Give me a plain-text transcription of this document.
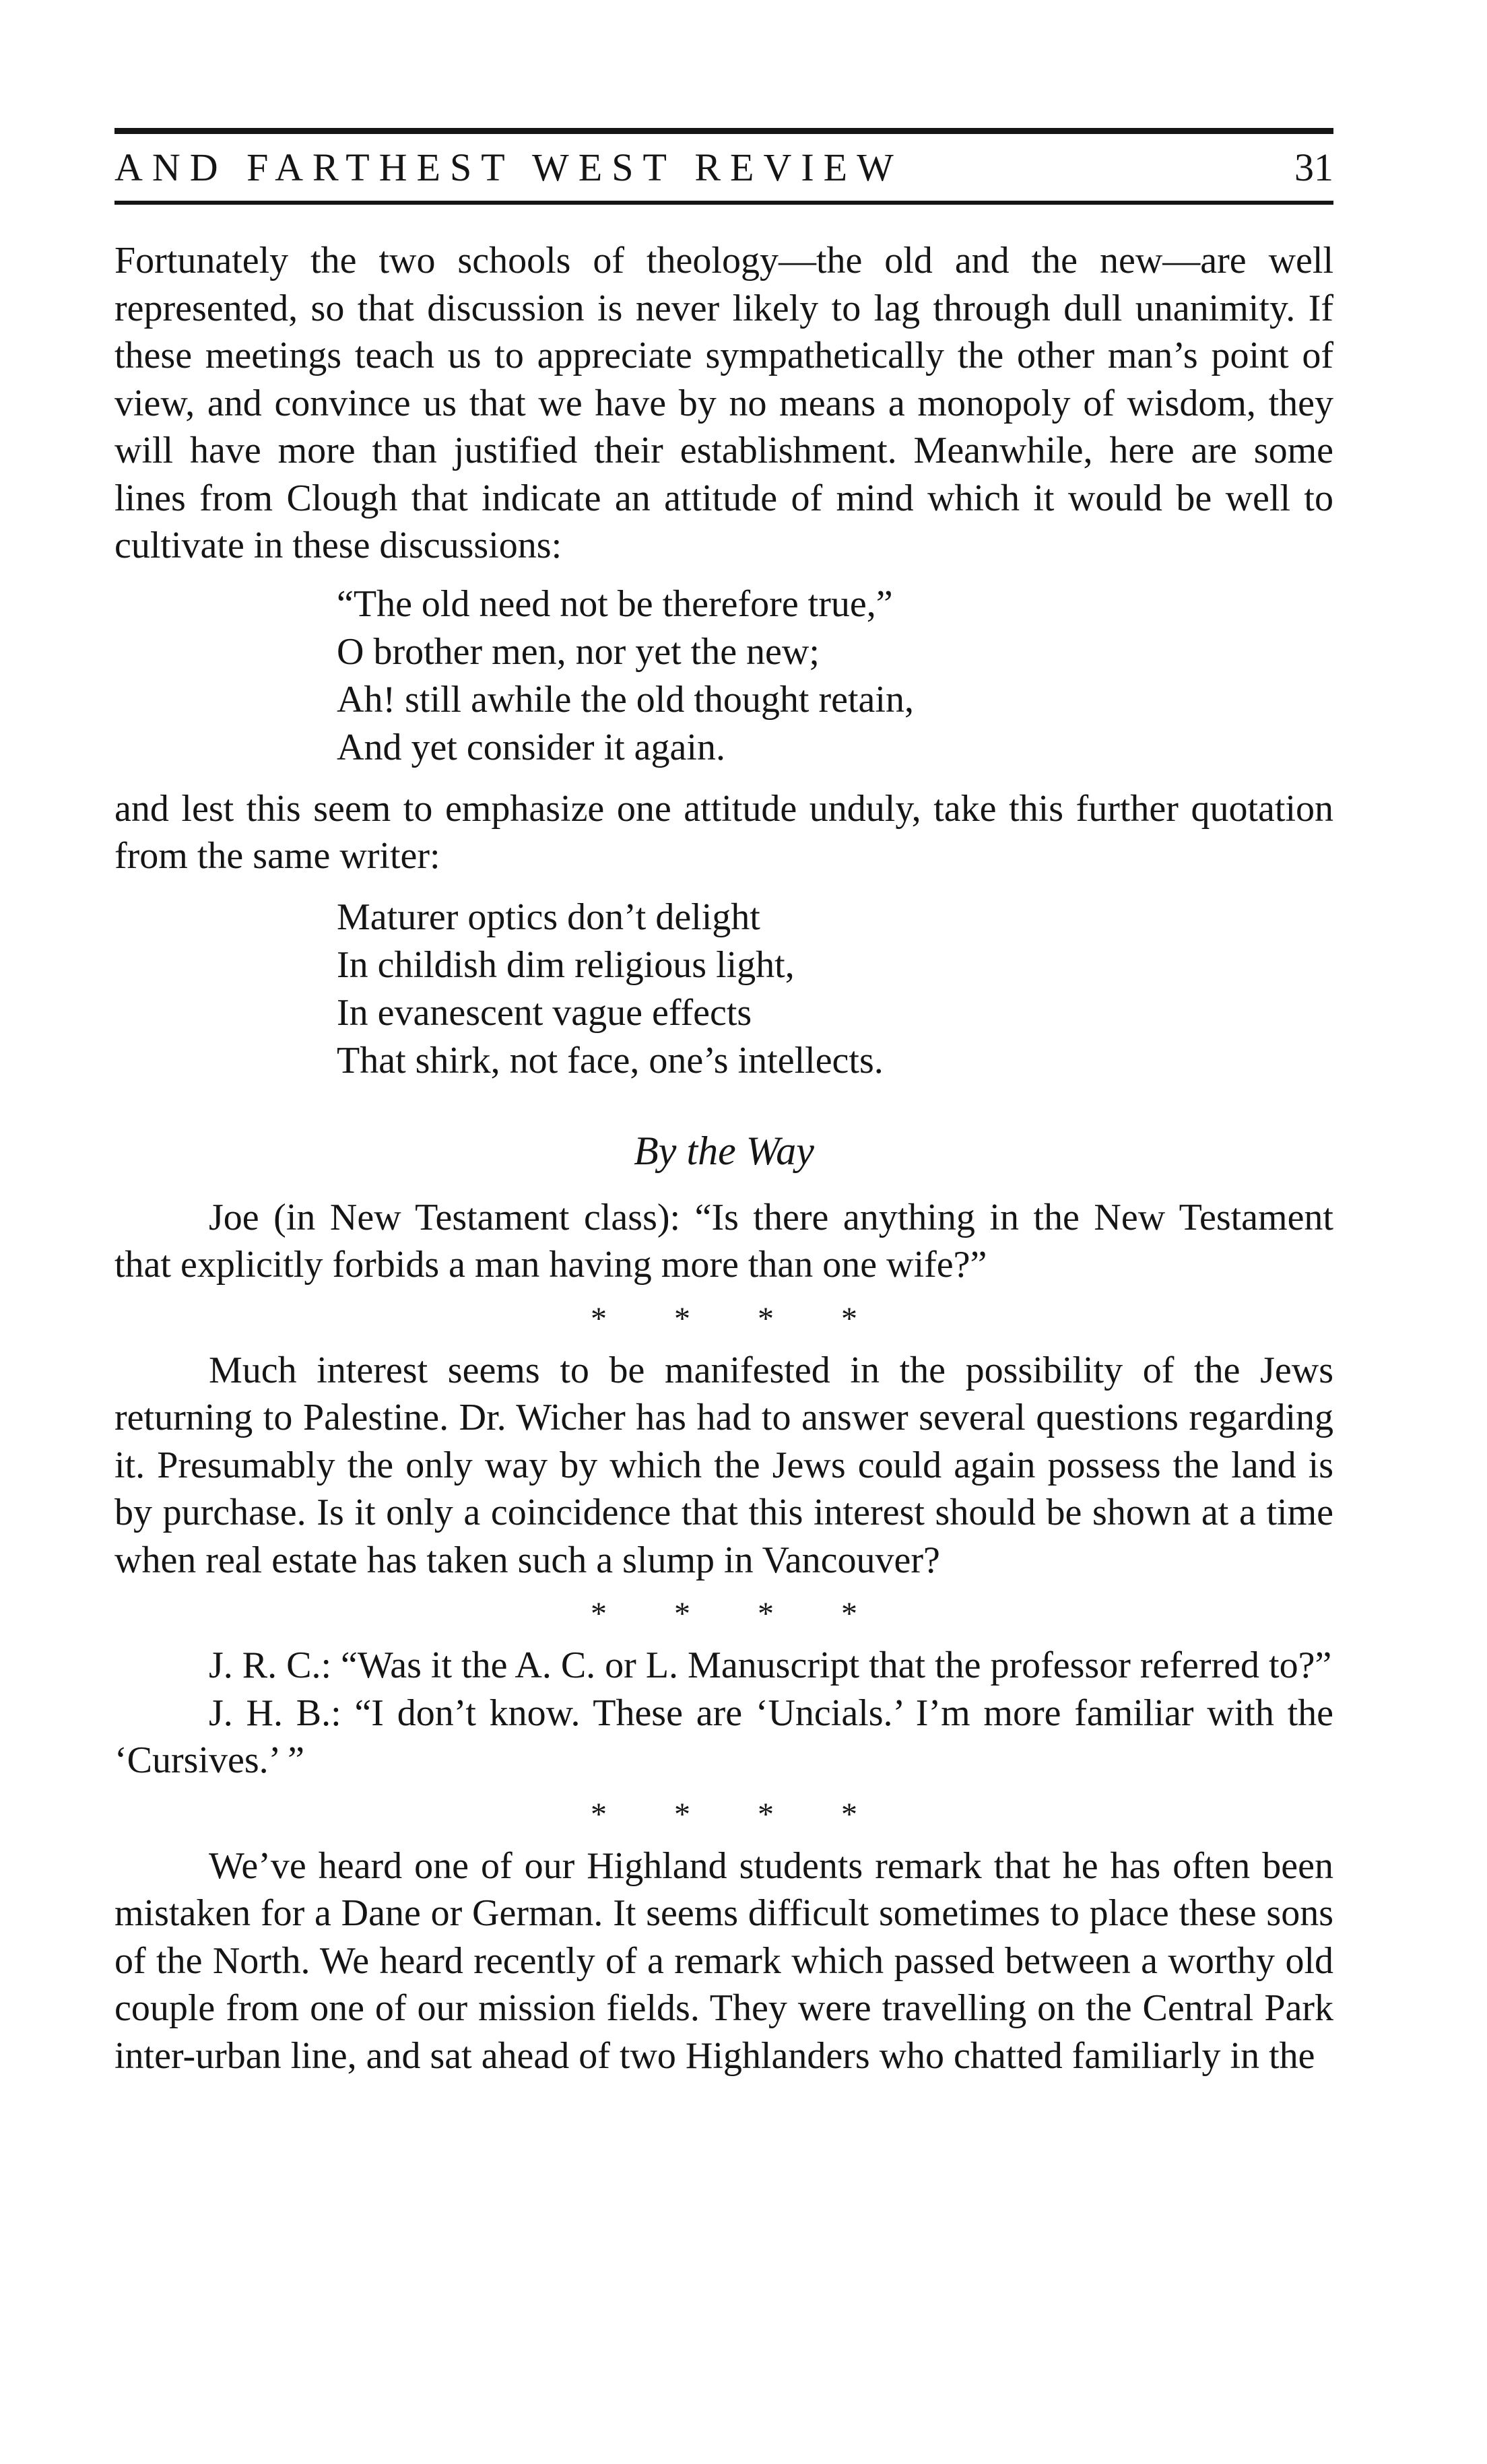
AND FARTHEST WEST REVIEW	31

Fortunately the two schools of theology—the old and the new—are well represented, so that discussion is never likely to lag through dull unanimity. If these meetings teach us to appreciate sympathetically the other man’s point of view, and convince us that we have by no means a monopoly of wisdom, they will have more than justified their establishment. Meanwhile, here are some lines from Clough that indicate an attitude of mind which it would be well to cultivate in these discussions:

“The old need not be therefore true,”
O brother men, nor yet the new;
Ah! still awhile the old thought retain,
And yet consider it again.

and lest this seem to emphasize one attitude unduly, take this further quotation from the same writer:

Maturer optics don’t delight
In childish dim religious light,
In evanescent vague effects
That shirk, not face, one’s intellects.
By the Way

Joe (in New Testament class): “Is there anything in the New Testament that explicitly forbids a man having more than one wife?”

* * * *

Much interest seems to be manifested in the possibility of the Jews returning to Palestine. Dr. Wicher has had to answer several questions regarding it. Presumably the only way by which the Jews could again possess the land is by purchase. Is it only a coincidence that this interest should be shown at a time when real estate has taken such a slump in Vancouver?

* * * *

J. R. C.: “Was it the A. C. or L. Manuscript that the professor referred to?”

J. H. B.: “I don’t know. These are ‘Uncials.’ I’m more familiar with the ‘Cursives.’ ”

* * * *

We’ve heard one of our Highland students remark that he has often been mistaken for a Dane or German. It seems difficult sometimes to place these sons of the North. We heard recently of a remark which passed between a worthy old couple from one of our mission fields. They were travelling on the Central Park inter-urban line, and sat ahead of two Highlanders who chatted familiarly in the
